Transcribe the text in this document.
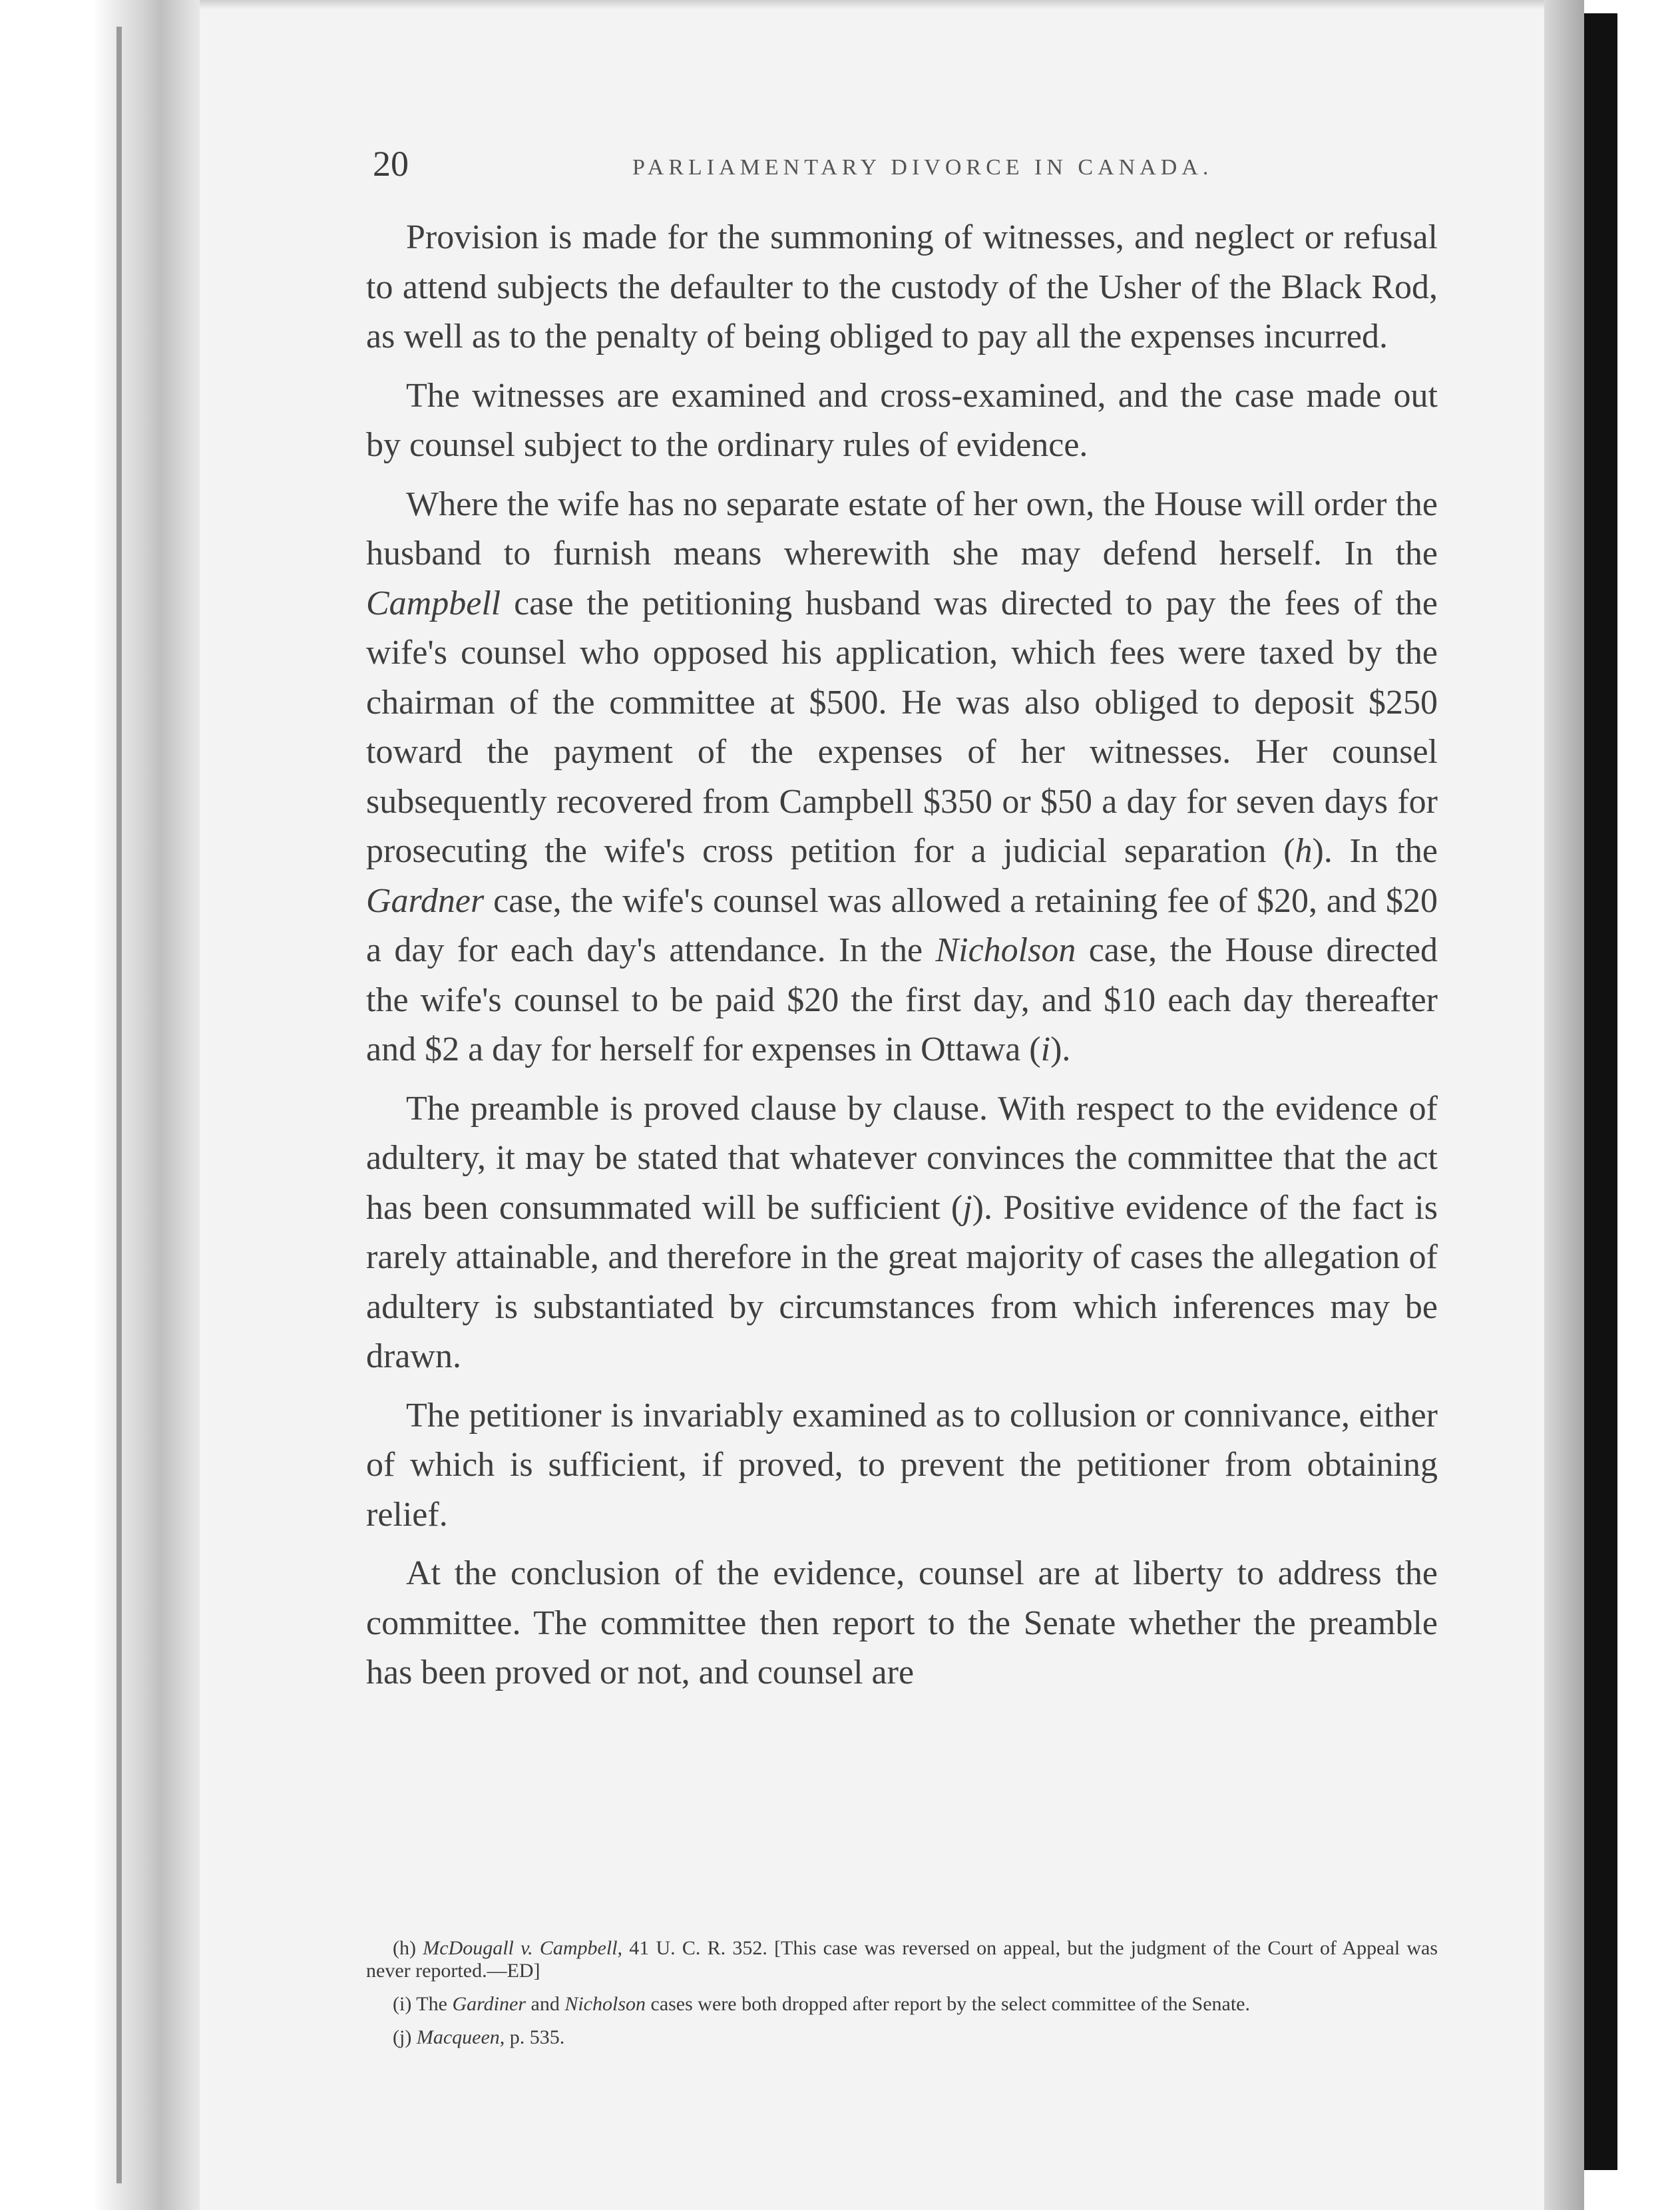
20	PARLIAMENTARY DIVORCE IN CANADA.

Provision is made for the summoning of witnesses, and neglect or refusal to attend subjects the defaulter to the custody of the Usher of the Black Rod, as well as to the penalty of being obliged to pay all the expenses incurred.

The witnesses are examined and cross-examined, and the case made out by counsel subject to the ordinary rules of evidence.

Where the wife has no separate estate of her own, the House will order the husband to furnish means wherewith she may defend herself. In the Campbell case the petitioning husband was directed to pay the fees of the wife's counsel who opposed his application, which fees were taxed by the chairman of the committee at $500. He was also obliged to deposit $250 toward the payment of the expenses of her witnesses. Her counsel subsequently recovered from Campbell $350 or $50 a day for seven days for prosecuting the wife's cross petition for a judicial separation (h). In the Gardner case, the wife's counsel was allowed a retaining fee of $20, and $20 a day for each day's attendance. In the Nicholson case, the House directed the wife's counsel to be paid $20 the first day, and $10 each day thereafter and $2 a day for herself for expenses in Ottawa (i).

The preamble is proved clause by clause. With respect to the evidence of adultery, it may be stated that whatever convinces the committee that the act has been consummated will be sufficient (j). Positive evidence of the fact is rarely attainable, and therefore in the great majority of cases the allegation of adultery is substantiated by circumstances from which inferences may be drawn.

The petitioner is invariably examined as to collusion or connivance, either of which is sufficient, if proved, to prevent the petitioner from obtaining relief.

At the conclusion of the evidence, counsel are at liberty to address the committee. The committee then report to the Senate whether the preamble has been proved or not, and counsel are

(h) McDougall v. Campbell, 41 U. C. R. 352. [This case was reversed on appeal, but the judgment of the Court of Appeal was never reported.—ED]

(i) The Gardiner and Nicholson cases were both dropped after report by the select committee of the Senate.

(j) Macqueen, p. 535.
